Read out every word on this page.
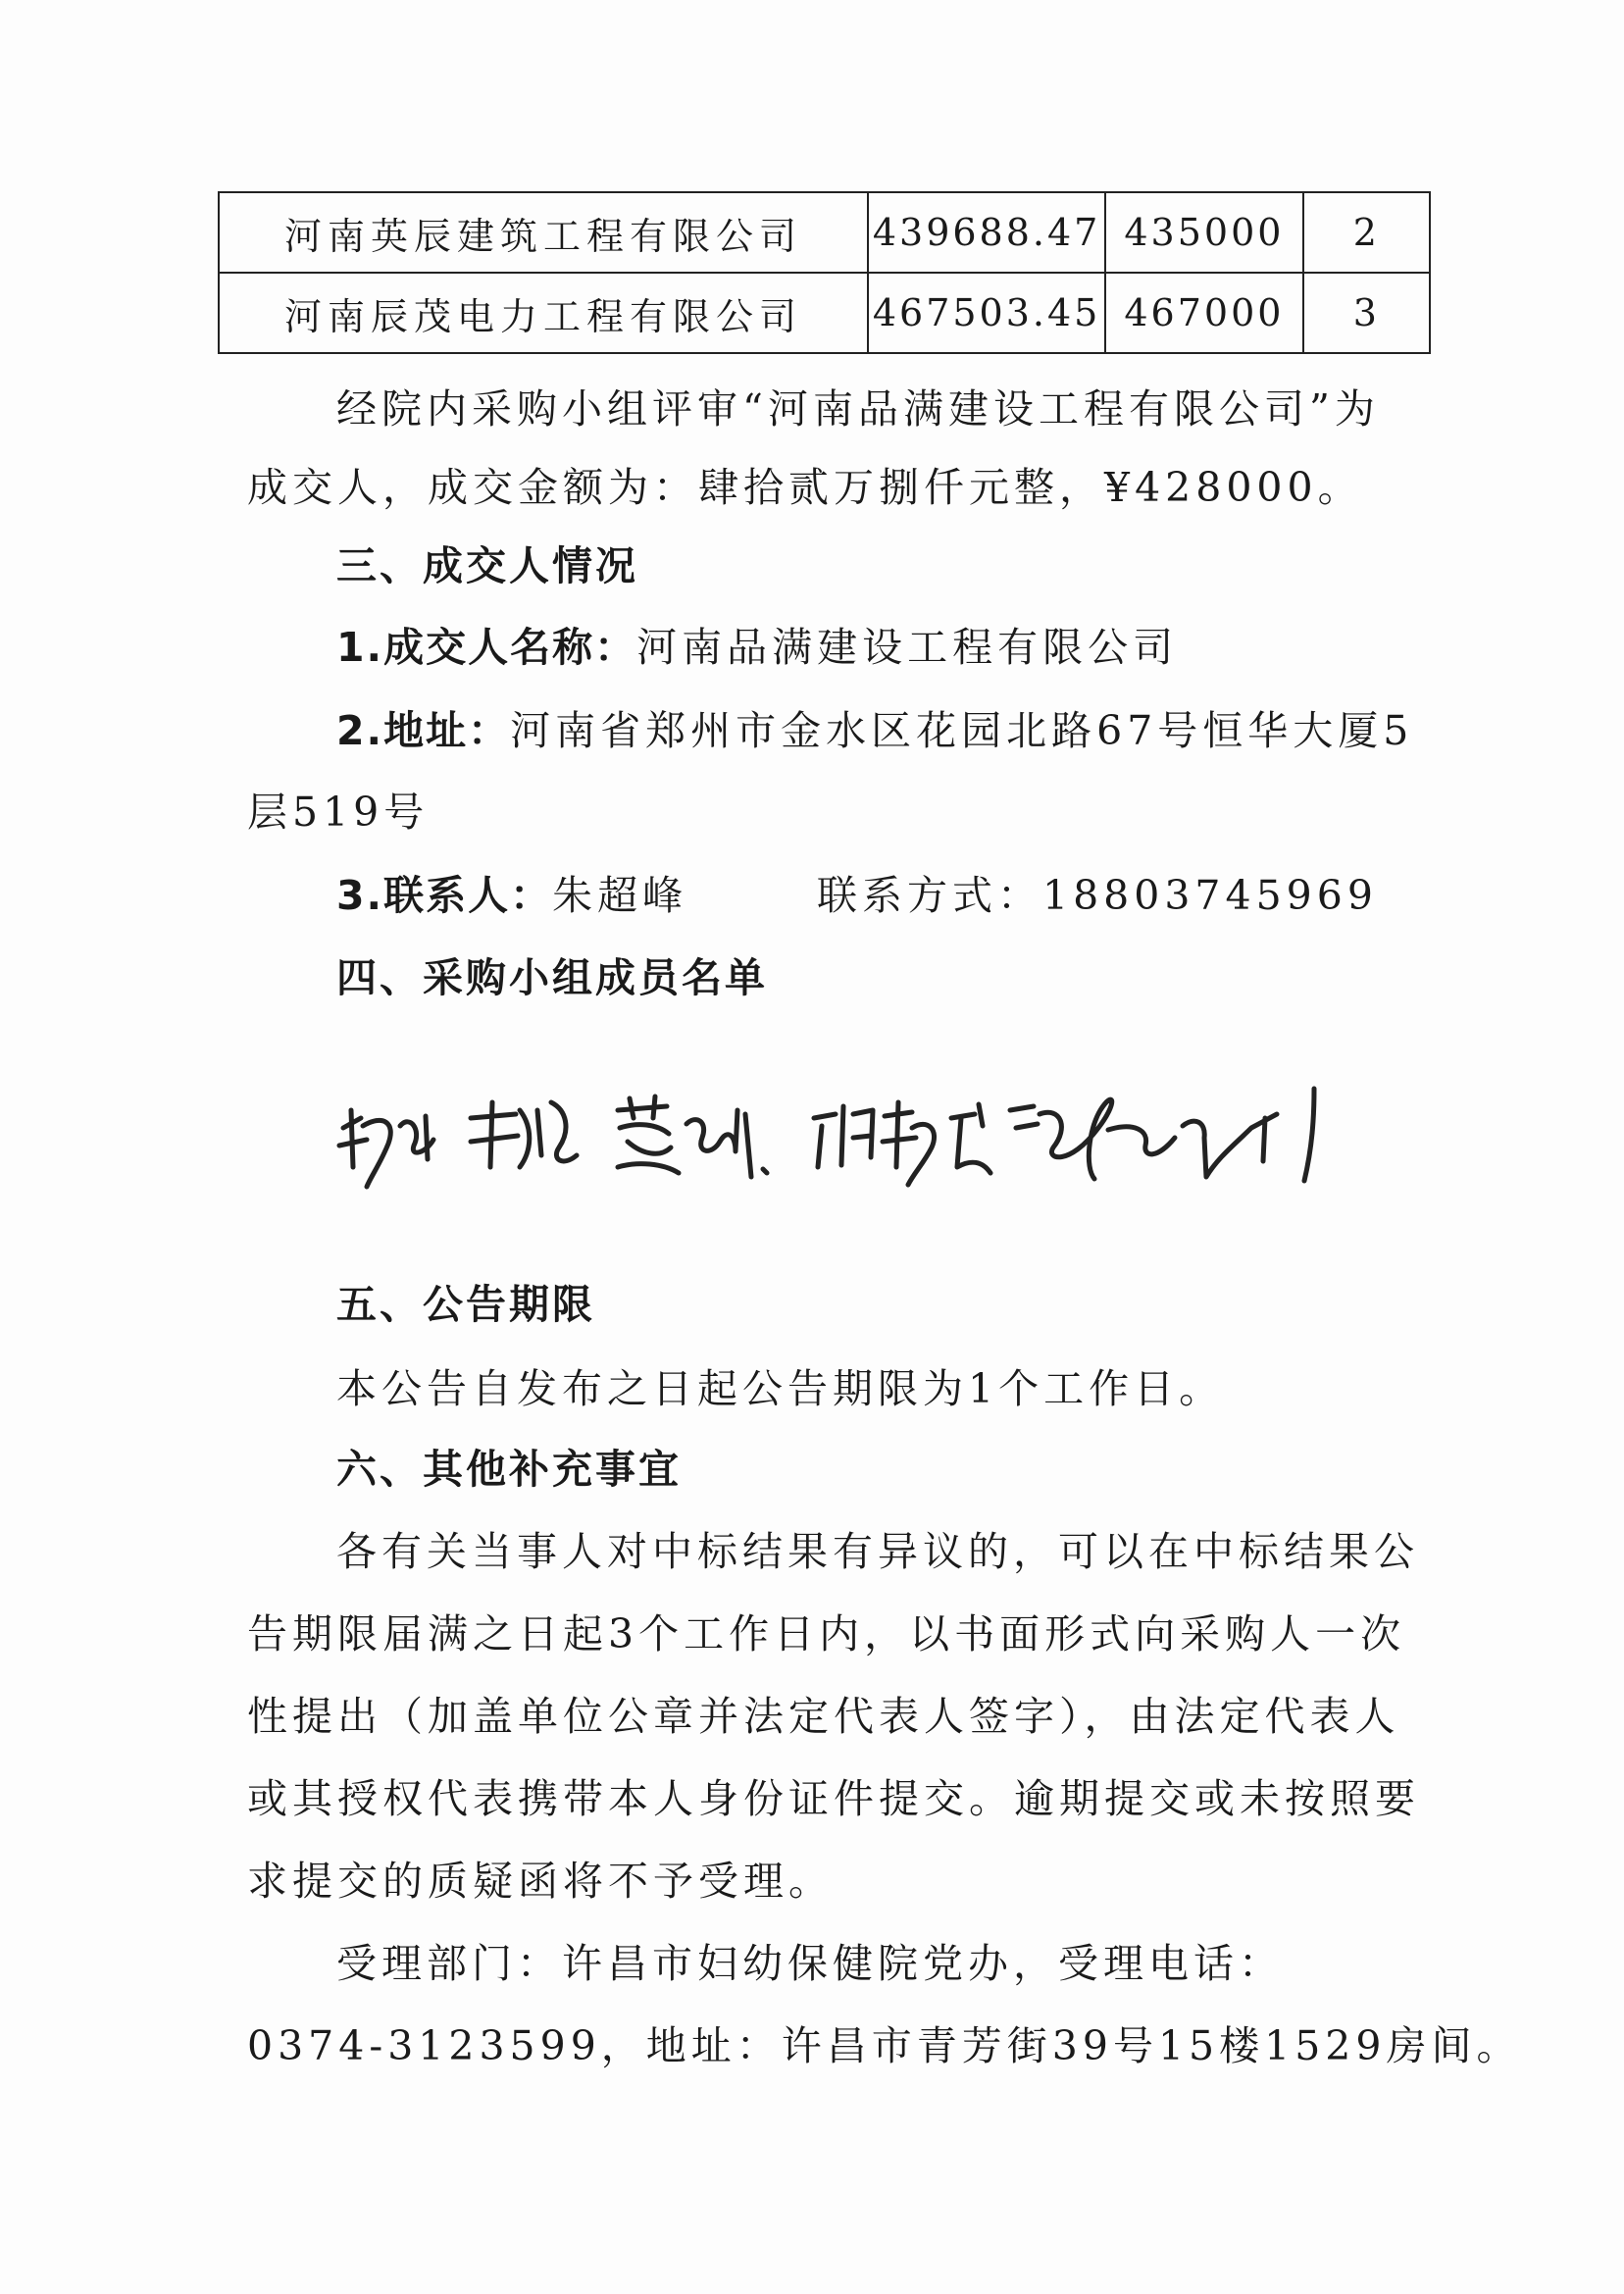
河南英辰建筑工程有限公司	439688.47	435000	2
河南辰茂电力工程有限公司	467503.45	467000	3
经院内采购小组评审“河南品满建设工程有限公司”为
成交人，成交金额为：肆拾贰万捌仟元整，¥428000。
三、成交人情况
1.成交人名称：河南品满建设工程有限公司
2.地址：河南省郑州市金水区花园北路67号恒华大厦5
层519号
3.联系人：朱超峰	联系方式：18803745969
四、采购小组成员名单
五、公告期限
本公告自发布之日起公告期限为1个工作日。
六、其他补充事宜
各有关当事人对中标结果有异议的，可以在中标结果公
告期限届满之日起3个工作日内，以书面形式向采购人一次
性提出（加盖单位公章并法定代表人签字），由法定代表人
或其授权代表携带本人身份证件提交。逾期提交或未按照要
求提交的质疑函将不予受理。
受理部门：许昌市妇幼保健院党办，受理电话：
0374-3123599，地址：许昌市青芳街39号15楼1529房间。
